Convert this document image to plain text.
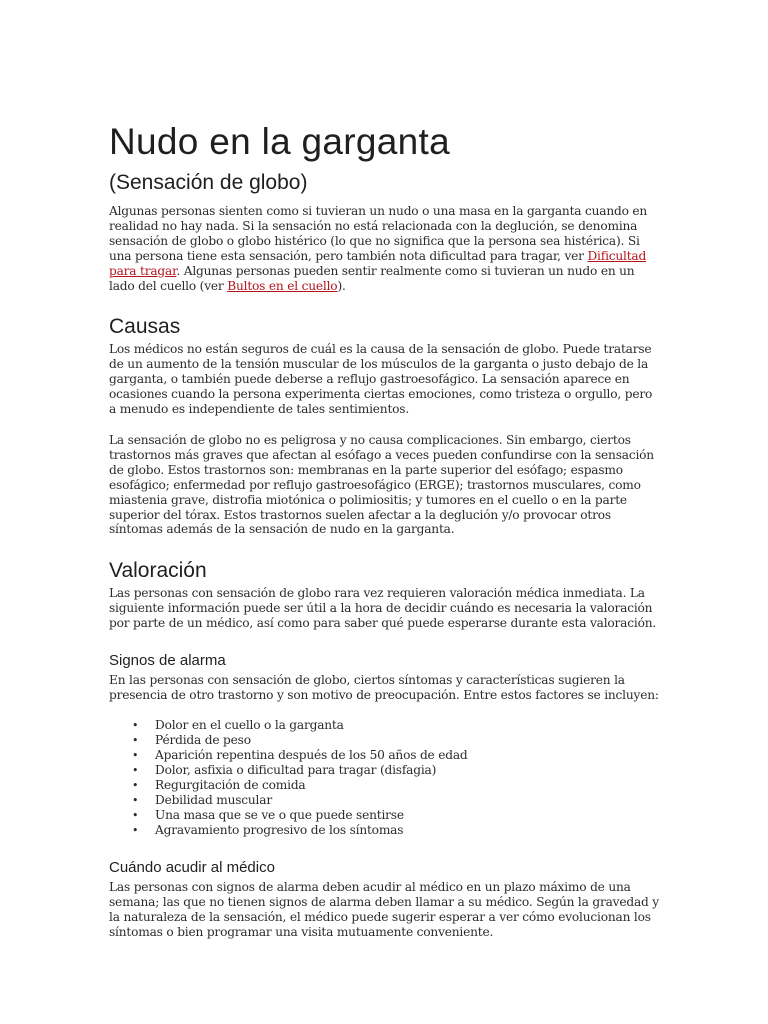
Nudo en la garganta
(Sensación de globo)

Algunas personas sienten como si tuvieran un nudo o una masa en la garganta cuando en realidad no hay nada. Si la sensación no está relacionada con la deglución, se denomina sensación de globo o globo histérico (lo que no significa que la persona sea histérica). Si una persona tiene esta sensación, pero también nota dificultad para tragar, ver Dificultad para tragar. Algunas personas pueden sentir realmente como si tuvieran un nudo en un lado del cuello (ver Bultos en el cuello).

Causas

Los médicos no están seguros de cuál es la causa de la sensación de globo. Puede tratarse de un aumento de la tensión muscular de los músculos de la garganta o justo debajo de la garganta, o también puede deberse a reflujo gastroesofágico. La sensación aparece en ocasiones cuando la persona experimenta ciertas emociones, como tristeza o orgullo, pero a menudo es independiente de tales sentimientos.

La sensación de globo no es peligrosa y no causa complicaciones. Sin embargo, ciertos trastornos más graves que afectan al esófago a veces pueden confundirse con la sensación de globo. Estos trastornos son: membranas en la parte superior del esófago; espasmo esofágico; enfermedad por reflujo gastroesofágico (ERGE); trastornos musculares, como miastenia grave, distrofia miotónica o polimiositis; y tumores en el cuello o en la parte superior del tórax. Estos trastornos suelen afectar a la deglución y/o provocar otros síntomas además de la sensación de nudo en la garganta.

Valoración

Las personas con sensación de globo rara vez requieren valoración médica inmediata. La siguiente información puede ser útil a la hora de decidir cuándo es necesaria la valoración por parte de un médico, así como para saber qué puede esperarse durante esta valoración.

Signos de alarma

En las personas con sensación de globo, ciertos síntomas y características sugieren la presencia de otro trastorno y son motivo de preocupación. Entre estos factores se incluyen:

• Dolor en el cuello o la garganta
• Pérdida de peso
• Aparición repentina después de los 50 años de edad
• Dolor, asfixia o dificultad para tragar (disfagia)
• Regurgitación de comida
• Debilidad muscular
• Una masa que se ve o que puede sentirse
• Agravamiento progresivo de los síntomas
Cuándo acudir al médico

Las personas con signos de alarma deben acudir al médico en un plazo máximo de una semana; las que no tienen signos de alarma deben llamar a su médico. Según la gravedad y la naturaleza de la sensación, el médico puede sugerir esperar a ver cómo evolucionan los síntomas o bien programar una visita mutuamente conveniente.
